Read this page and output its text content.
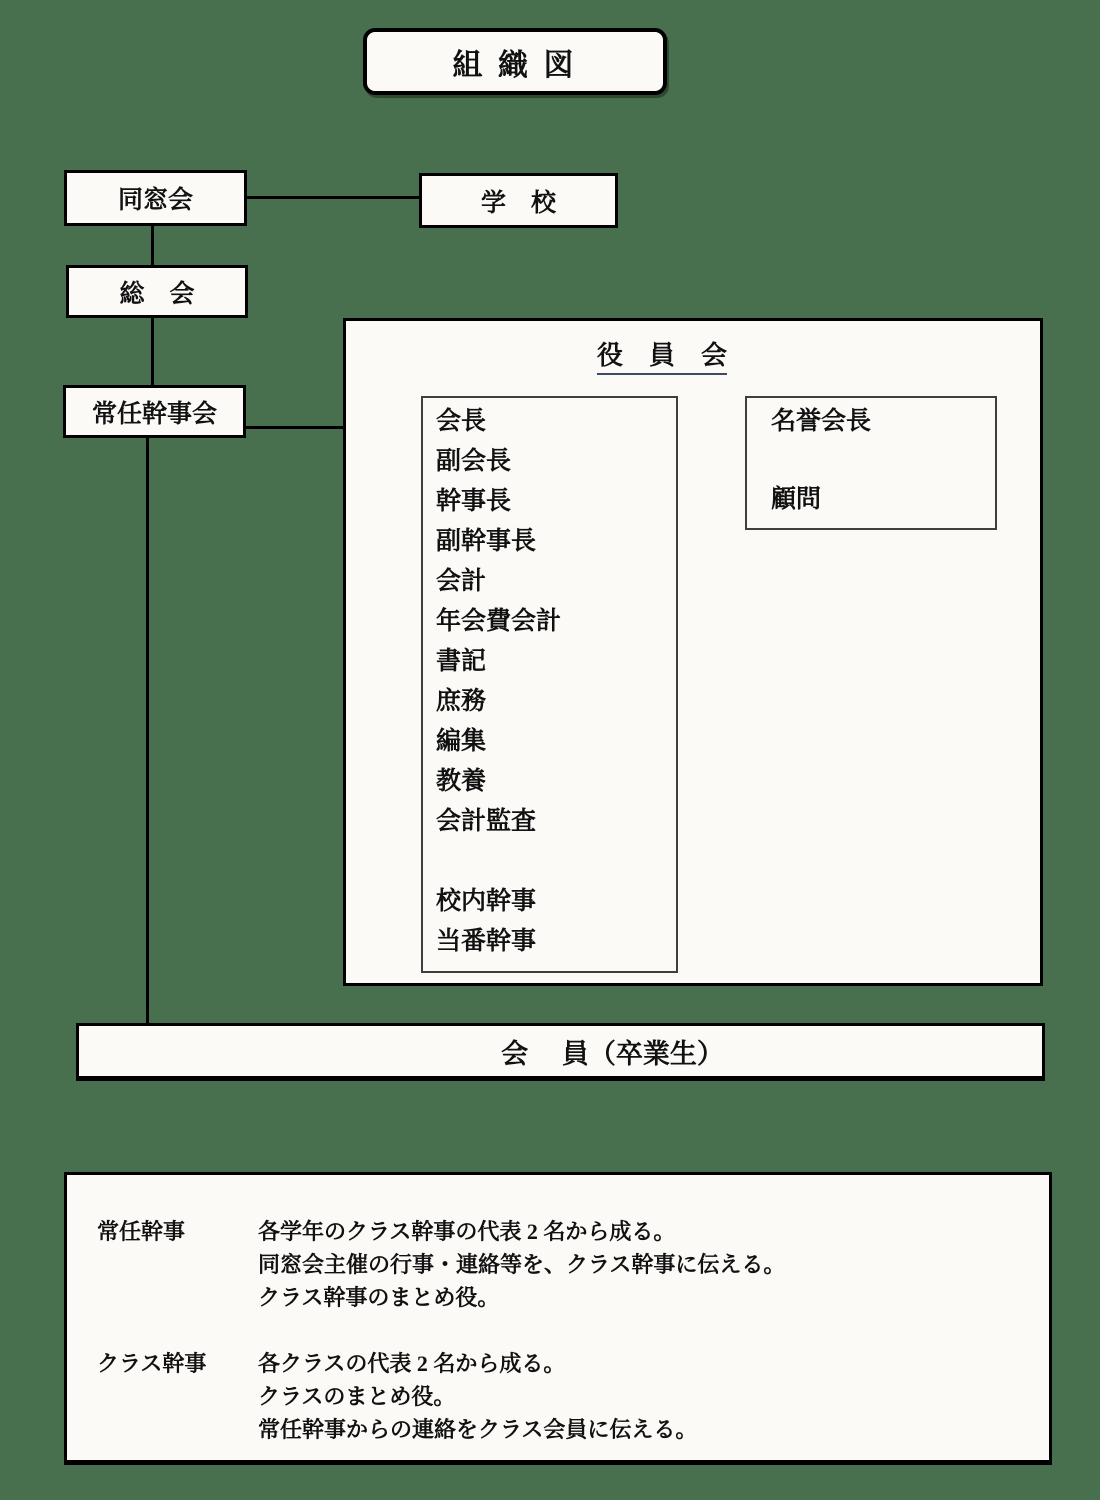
組 織 図
同窓会	学　校
総　会
常任幹事会
役　員　会
会長
副会長
幹事長
副幹事長
会計
年会費会計
書記
庶務
編集
教養
会計監査

校内幹事
当番幹事
名誉会長
顧問
会　 員（卒業生）
常任幹事	各学年のクラス幹事の代表 2 名から成る。
同窓会主催の行事・連絡等を、クラス幹事に伝える。
クラス幹事のまとめ役。
クラス幹事	各クラスの代表 2 名から成る。
クラスのまとめ役。
常任幹事からの連絡をクラス会員に伝える。
